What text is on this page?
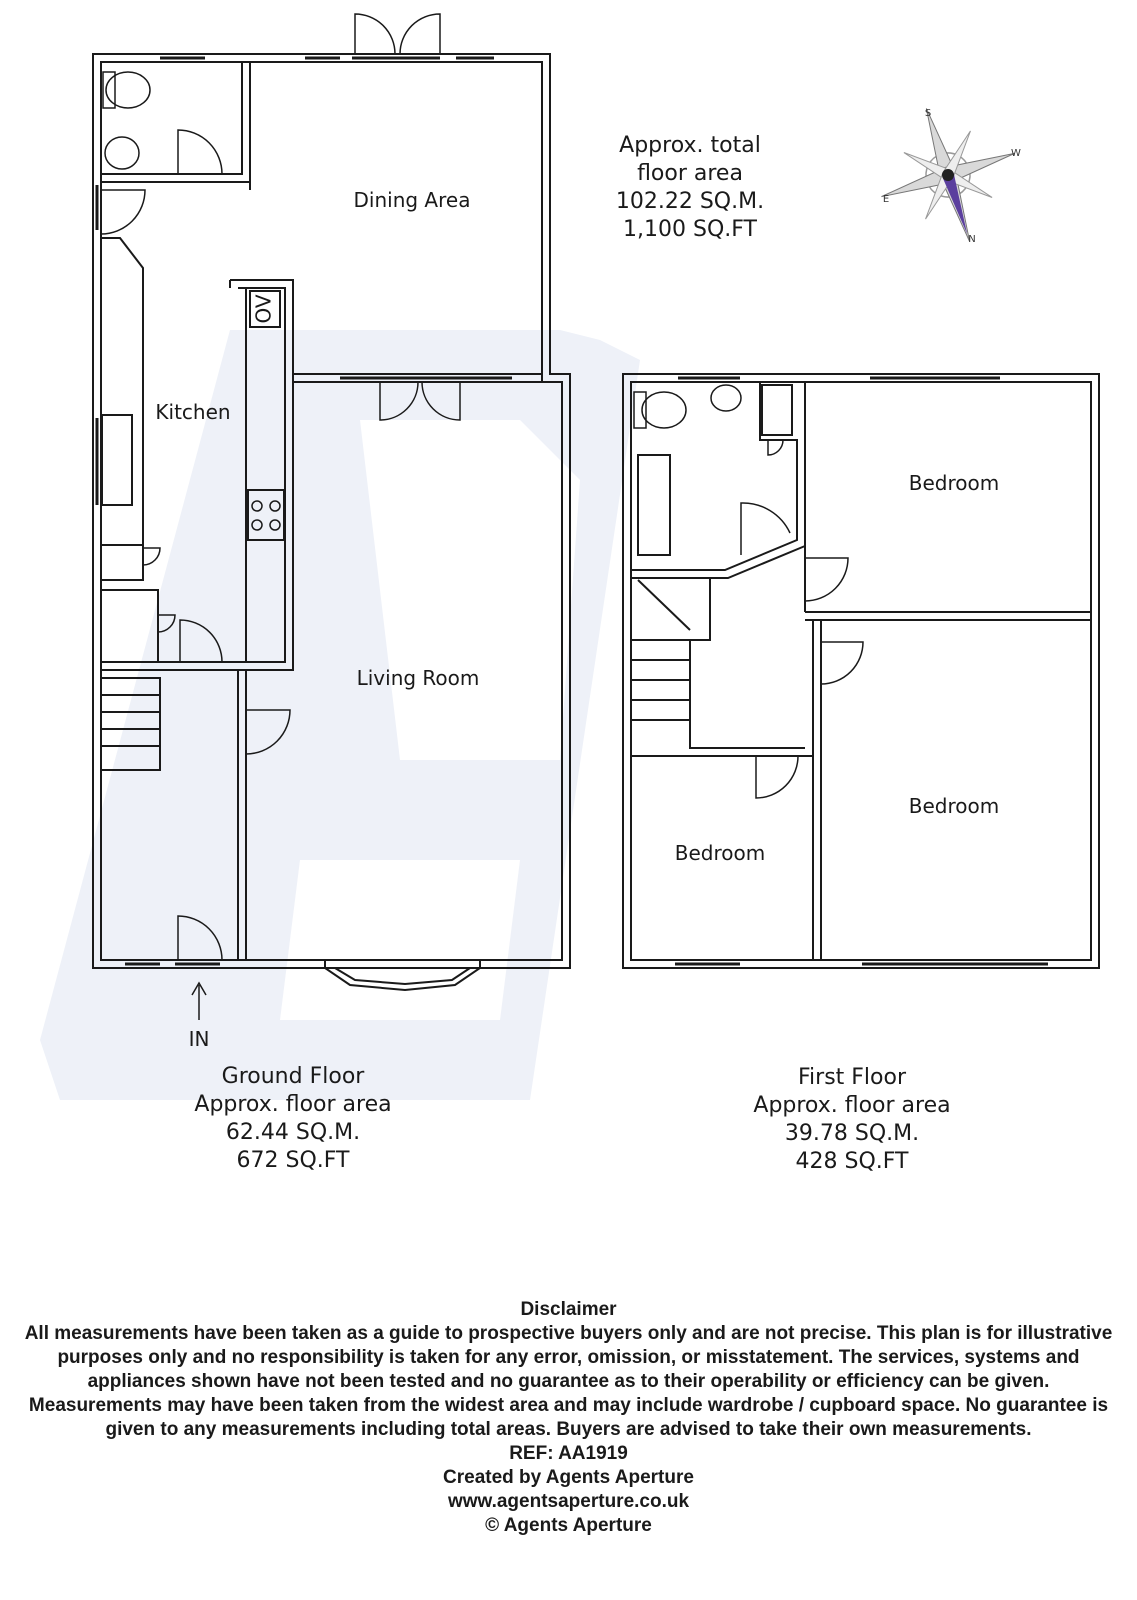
Dining Area
Kitchen
Living Room
Bedroom
Bedroom
Bedroom
OV
IN
S
W
E
N
Approx. total
floor area
102.22 SQ.M.
1,100 SQ.FT
Ground Floor
Approx. floor area
62.44 SQ.M.
672 SQ.FT
First Floor
Approx. floor area
39.78 SQ.M.
428 SQ.FT
Disclaimer
All measurements have been taken as a guide to prospective buyers only and are not precise. This plan is for illustrative purposes only and no responsibility is taken for any error, omission, or misstatement. The services, systems and appliances shown have not been tested and no guarantee as to their operability or efficiency can be given. Measurements may have been taken from the widest area and may include wardrobe / cupboard space. No guarantee is given to any measurements including total areas. Buyers are advised to take their own measurements.
REF: AA1919
Created by Agents Aperture
www.agentsaperture.co.uk
© Agents Aperture
